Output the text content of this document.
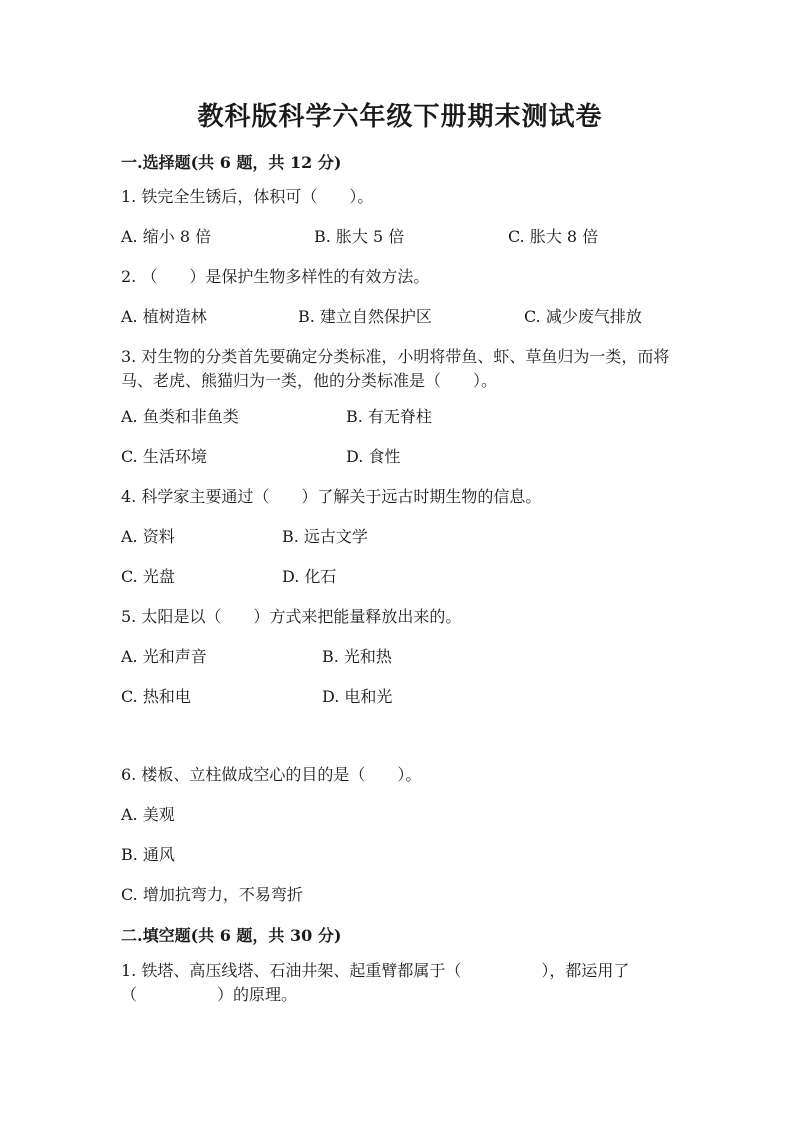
教科版科学六年级下册期末测试卷
一.选择题(共 6 题，共 12 分)
1. 铁完全生锈后，体积可（　　）。
A. 缩小 8 倍	B. 胀大 5 倍	C. 胀大 8 倍
2. （　　）是保护生物多样性的有效方法。
A. 植树造林	B. 建立自然保护区	C. 减少废气排放
3. 对生物的分类首先要确定分类标准，小明将带鱼、虾、草鱼归为一类，而将马、老虎、熊猫归为一类，他的分类标准是（　　）。
A. 鱼类和非鱼类	B. 有无脊柱
C. 生活环境	D. 食性
4. 科学家主要通过（　　）了解关于远古时期生物的信息。
A. 资料	B. 远古文学
C. 光盘	D. 化石
5. 太阳是以（　　）方式来把能量释放出来的。
A. 光和声音	B. 光和热
C. 热和电	D. 电和光
6. 楼板、立柱做成空心的目的是（　　）。
A. 美观
B. 通风
C. 增加抗弯力，不易弯折
二.填空题(共 6 题，共 30 分)
1. 铁塔、高压线塔、石油井架、起重臂都属于（　　　　　），都运用了（　　　　　）的原理。
